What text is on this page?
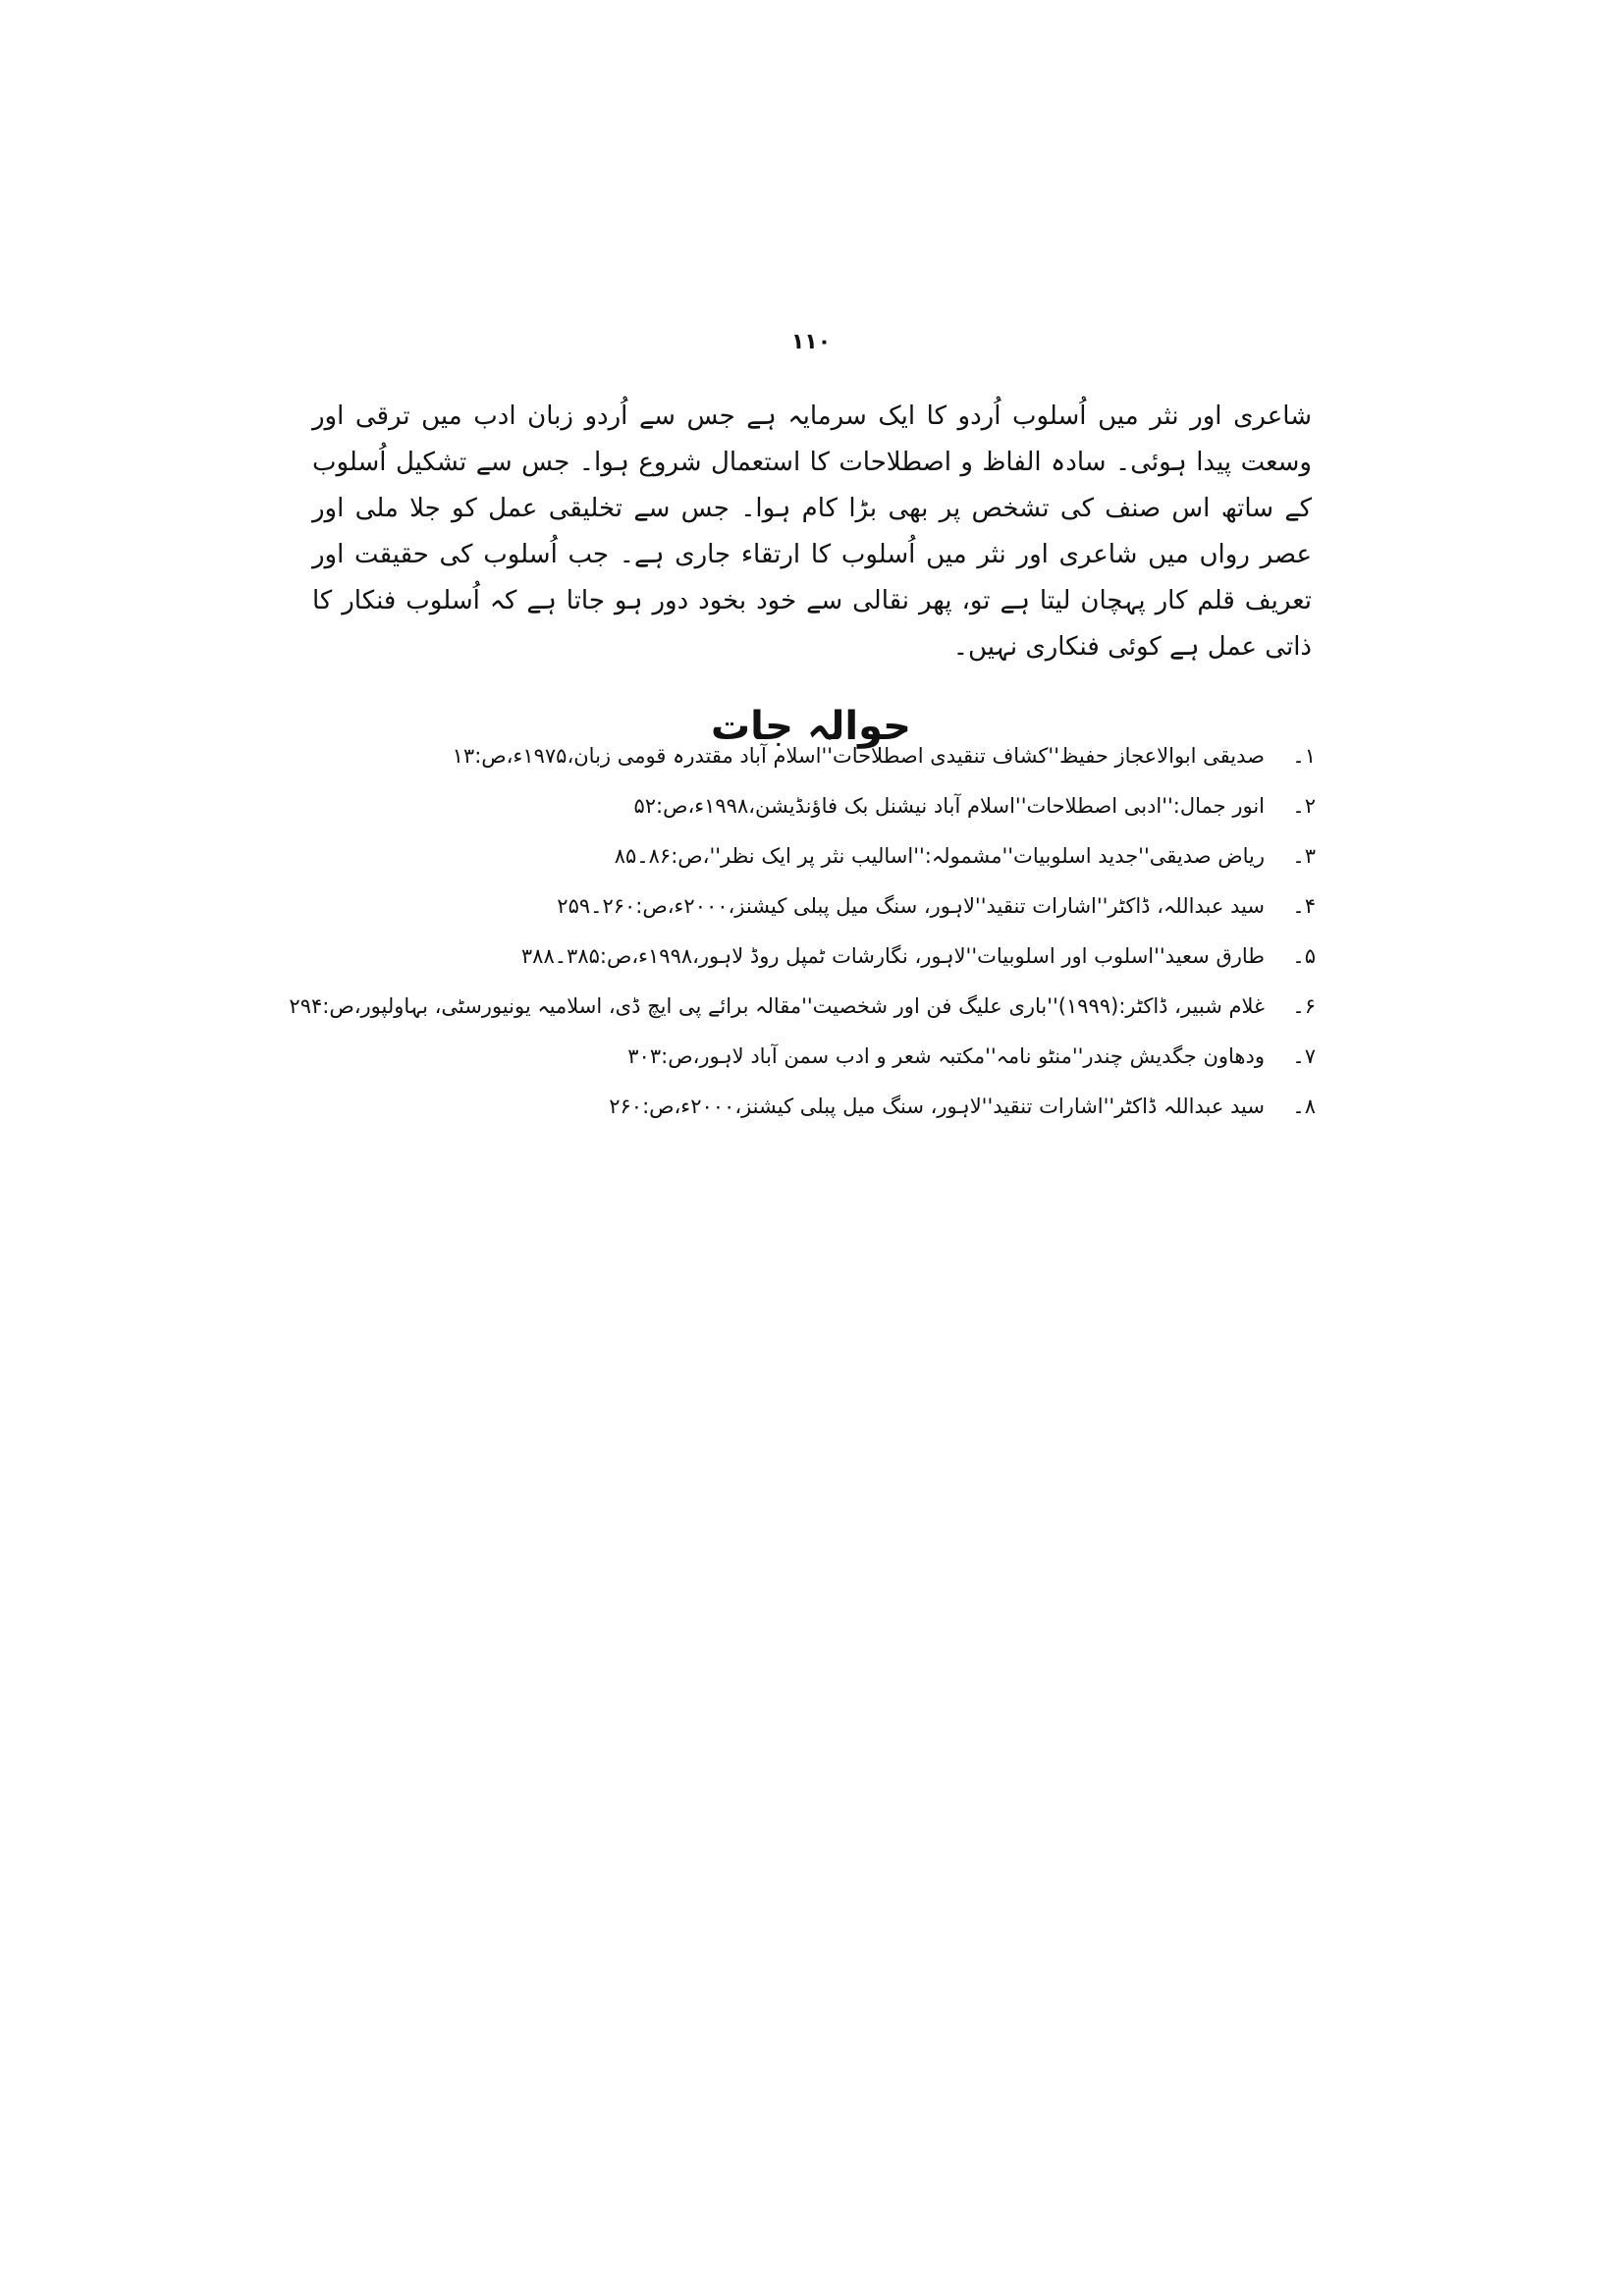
۱۱۰

شاعری اور نثر میں اُسلوب اُردو کا ایک سرمایہ ہے جس سے اُردو زبان ادب میں ترقی اور وسعت پیدا ہوئی۔ سادہ الفاظ و اصطلاحات کا استعمال شروع ہوا۔ جس سے تشکیل اُسلوب کے ساتھ اس صنف کی تشخص پر بھی بڑا کام ہوا۔ جس سے تخلیقی عمل کو جلا ملی اور عصر رواں میں شاعری اور نثر میں اُسلوب کا ارتقاء جاری ہے۔ جب اُسلوب کی حقیقت اور تعریف قلم کار پہچان لیتا ہے تو، پھر نقالی سے خود بخود دور ہو جاتا ہے کہ اُسلوب فنکار کا ذاتی عمل ہے کوئی فنکاری نہیں۔

حوالہ جات
۱۔
صدیقی ابوالاعجاز حفیظ''کشاف تنقیدی اصطلاحات''اسلام آباد مقتدرہ قومی زبان،۱۹۷۵ء،ص:۱۳
۲۔
انور جمال:''ادبی اصطلاحات''اسلام آباد نیشنل بک فاؤنڈیشن،۱۹۹۸ء،ص:۵۲
۳۔
ریاض صدیقی''جدید اسلوبیات''مشمولہ:''اسالیب نثر پر ایک نظر''،ص:۸۶۔۸۵
۴۔
سید عبداللہ، ڈاکٹر''اشارات تنقید''لاہور، سنگ میل پبلی کیشنز،۲۰۰۰ء،ص:۲۶۰۔۲۵۹
۵۔
طارق سعید''اسلوب اور اسلوبیات''لاہور، نگارشات ٹمپل روڈ لاہور،۱۹۹۸ء،ص:۳۸۵۔۳۸۸
۶۔
غلام شبیر، ڈاکٹر:(۱۹۹۹)''باری علیگ فن اور شخصیت''مقالہ برائے پی ایچ ڈی، اسلامیہ یونیورسٹی، بہاولپور،ص:۲۹۴
۷۔
ودھاون جگدیش چندر''منٹو نامہ''مکتبہ شعر و ادب سمن آباد لاہور،ص:۳۰۳
۸۔
سید عبداللہ ڈاکٹر''اشارات تنقید''لاہور، سنگ میل پبلی کیشنز،۲۰۰۰ء،ص:۲۶۰
